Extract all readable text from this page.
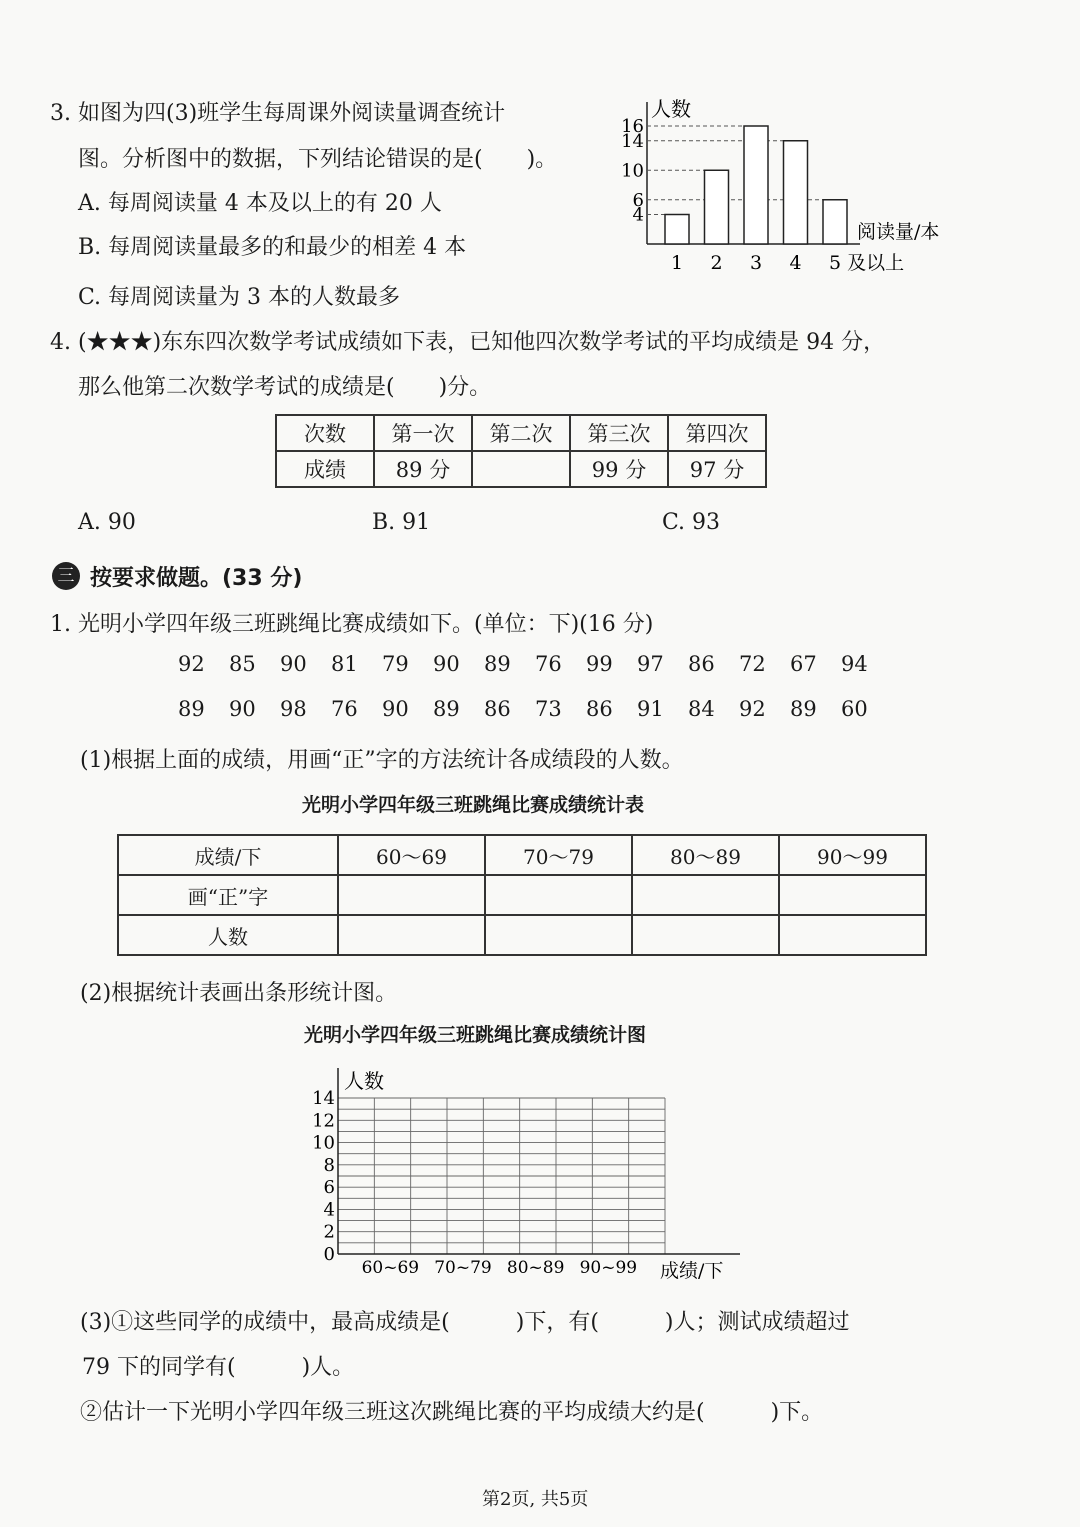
3. 如图为四(3)班学生每周课外阅读量调查统计
图。分析图中的数据，下列结论错误的是(　　)。
A. 每周阅读量 4 本及以上的有 20 人
B. 每周阅读量最多的和最少的相差 4 本
C. 每周阅读量为 3 本的人数最多
4
6
10
14
16
人数
1 2 3 4 5 及以上
阅读量/本
4. (★★★)东东四次数学考试成绩如下表，已知他四次数学考试的平均成绩是 94 分，
那么他第二次数学考试的成绩是(　　)分。
次数	第一次	第二次	第三次	第四次
成绩	89 分		99 分	97 分
A. 90	B. 91	C. 93
三 按要求做题。(33 分)
1. 光明小学四年级三班跳绳比赛成绩如下。(单位：下)(16 分)
92 85 90 81 79 90 89 76 99 97 86 72 67 94
89 90 98 76 90 89 86 73 86 91 84 92 89 60
(1)根据上面的成绩，用画“正”字的方法统计各成绩段的人数。
光明小学四年级三班跳绳比赛成绩统计表
成绩/下	60～69	70～79	80～89	90～99
画“正”字				
人数				
(2)根据统计表画出条形统计图。
光明小学四年级三班跳绳比赛成绩统计图
人数
0
2
4
6
8
10
12
14
60~69 70~79 80~89 90~99 成绩/下
(3)①这些同学的成绩中，最高成绩是(　　　)下，有(　　　)人；测试成绩超过
79 下的同学有(　　　)人。
②估计一下光明小学四年级三班这次跳绳比赛的平均成绩大约是(　　　)下。
第2页, 共5页
